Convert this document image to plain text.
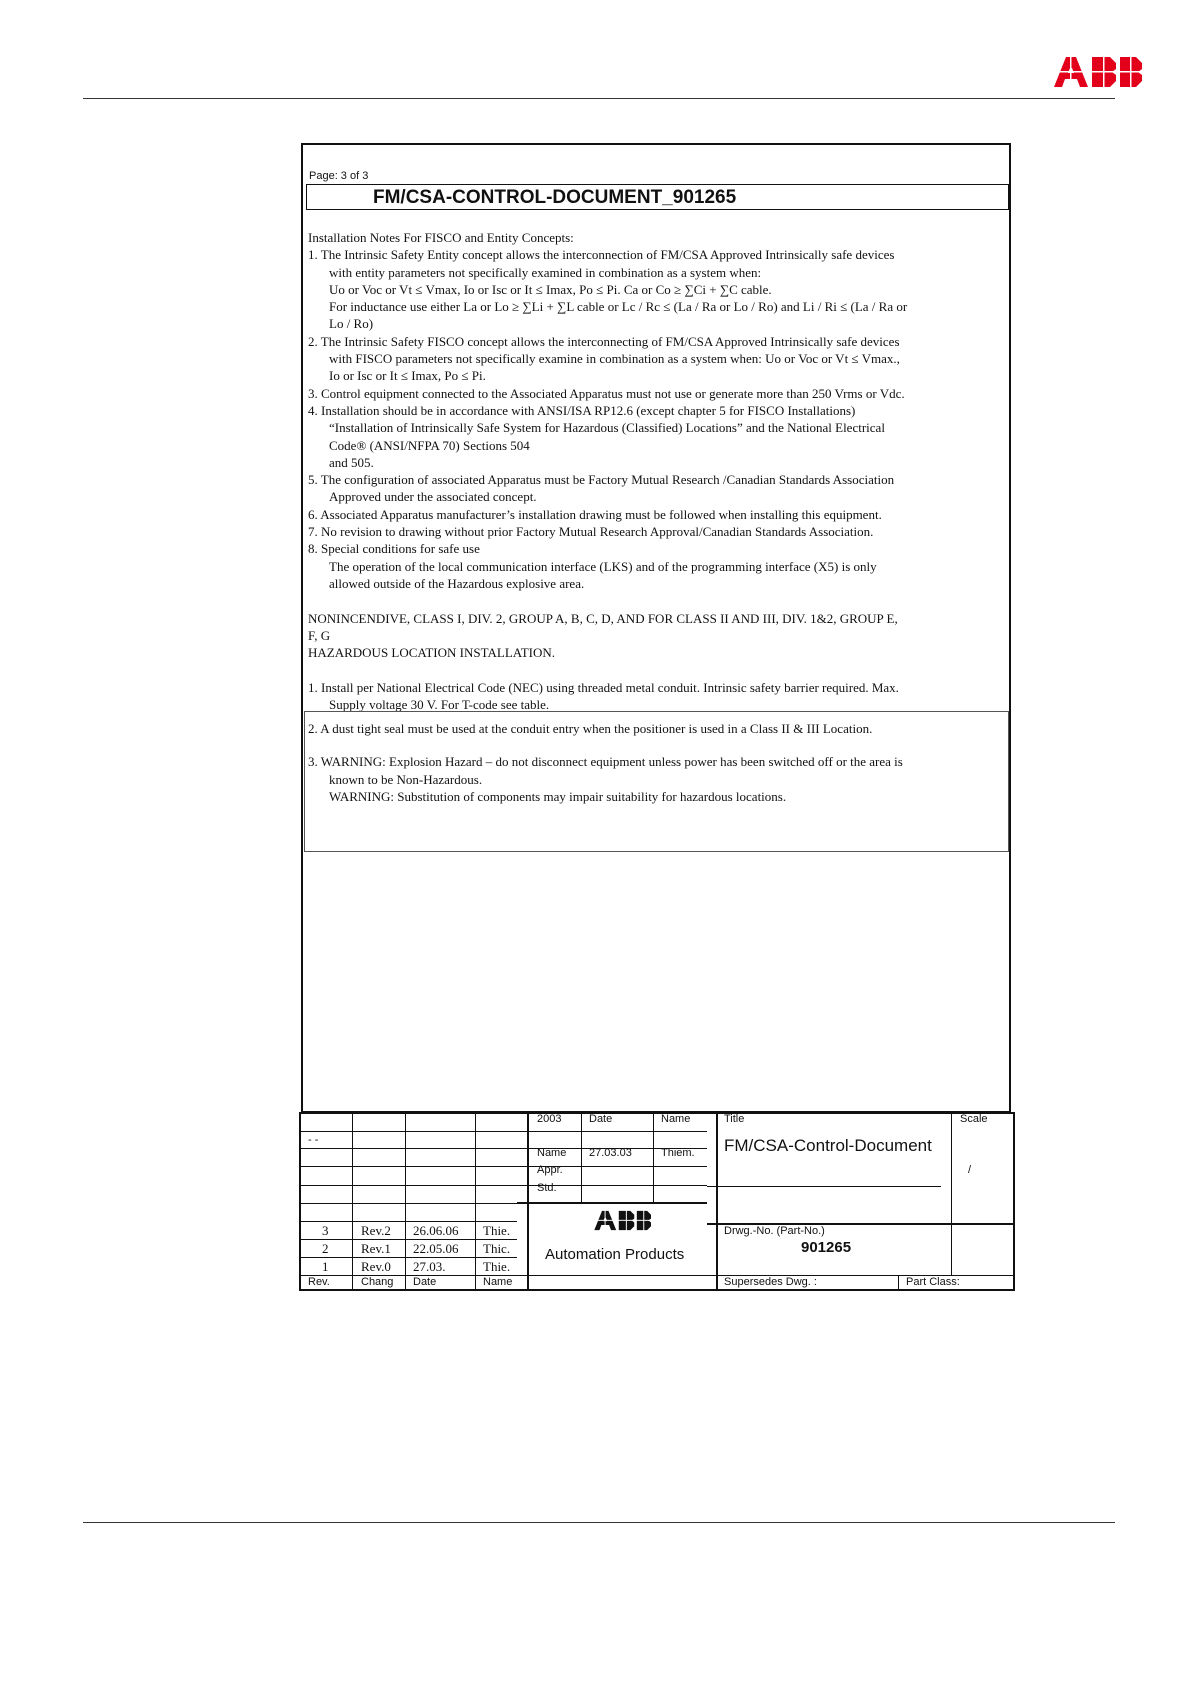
Page: 3 of 3
FM/CSA-CONTROL-DOCUMENT_901265
Installation Notes For FISCO and Entity Concepts:
1. The Intrinsic Safety Entity concept allows the interconnection of FM/CSA Approved Intrinsically safe devices
with entity parameters not specifically examined in combination as a system when:
Uo or Voc or Vt ≤ Vmax, Io or Isc or It ≤ Imax, Po ≤ Pi. Ca or Co ≥ ∑Ci + ∑C cable.
For inductance use either La or Lo ≥ ∑Li + ∑L cable or Lc / Rc ≤ (La / Ra or Lo / Ro) and Li / Ri ≤ (La / Ra or
Lo / Ro)
2. The Intrinsic Safety FISCO concept allows the interconnecting of FM/CSA Approved Intrinsically safe devices
with FISCO parameters not specifically examine in combination as a system when: Uo or Voc or Vt ≤ Vmax.,
Io or Isc or It ≤ Imax, Po ≤ Pi.
3. Control equipment connected to the Associated Apparatus must not use or generate more than 250 Vrms or Vdc.
4. Installation should be in accordance with ANSI/ISA RP12.6 (except chapter 5 for FISCO Installations)
“Installation of Intrinsically Safe System for Hazardous (Classified) Locations” and the National Electrical
Code® (ANSI/NFPA 70) Sections 504
and 505.
5. The configuration of associated Apparatus must be Factory Mutual Research /Canadian Standards Association
Approved under the associated concept.
6. Associated Apparatus manufacturer’s installation drawing must be followed when installing this equipment.
7. No revision to drawing without prior Factory Mutual Research Approval/Canadian Standards Association.
8. Special conditions for safe use
The operation of the local communication interface (LKS) and of the programming interface (X5) is only
allowed outside of the Hazardous explosive area.

NONINCENDIVE, CLASS I, DIV. 2, GROUP A, B, C, D, AND FOR CLASS II AND III, DIV. 1&2, GROUP E,
F, G
HAZARDOUS LOCATION INSTALLATION.

1. Install per National Electrical Code (NEC) using threaded metal conduit. Intrinsic safety barrier required. Max.
Supply voltage 30 V. For T-code see table.
2. A dust tight seal must be used at the conduit entry when the positioner is used in a Class II & III Location.
3. WARNING: Explosion Hazard – do not disconnect equipment unless power has been switched off or the area is
known to be Non-Hazardous.
WARNING: Substitution of components may impair suitability for hazardous locations.
- -
2003	Date	Name
Name 27.03.03	Thiem.
Appr.
Std.
Title
FM/CSA-Control-Document
Scale
/
3	Rev.2 26.06.06 Thie.
2	Rev.1 22.05.06 Thic.
1	Rev.0 27.03.	Thie.
Rev.	Chang Date	Name
Automation Products
Drwg.-No. (Part-No.)
901265
Supersedes Dwg. :	Part Class:
